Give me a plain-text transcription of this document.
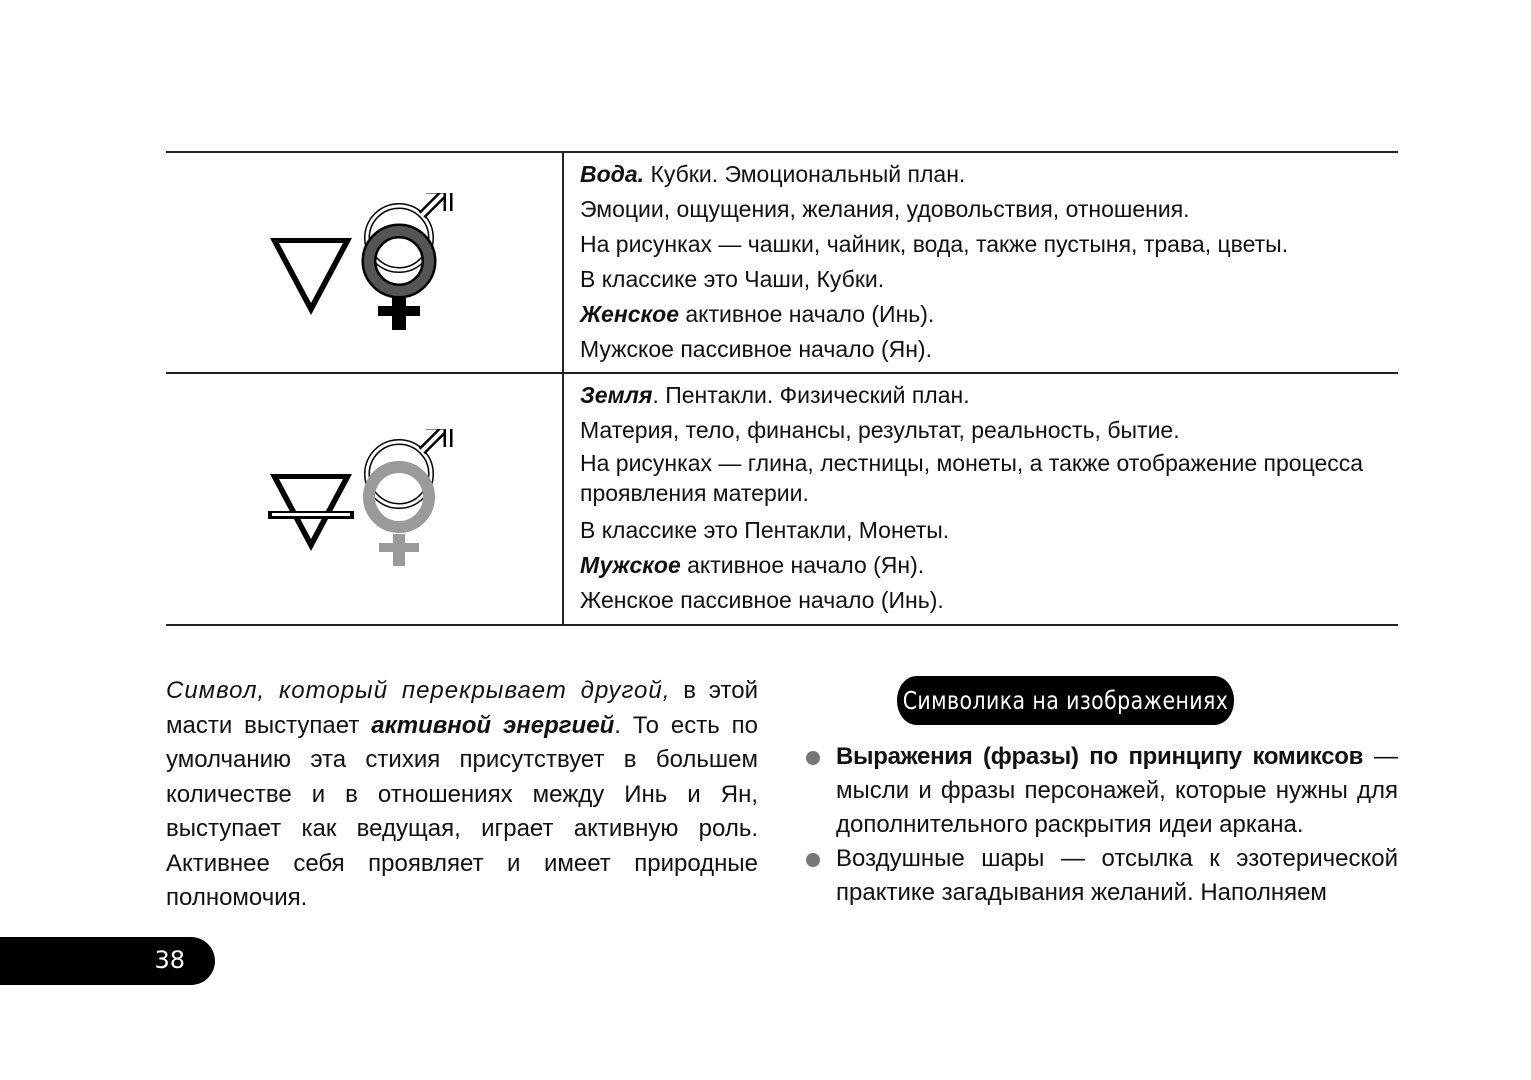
Вода. Кубки. Эмоциональный план.

Эмоции, ощущения, желания, удовольствия, отношения.

На рисунках — чашки, чайник, вода, также пустыня, трава, цветы.

В классике это Чаши, Кубки.

Женское активное начало (Инь).

Мужское пассивное начало (Ян).

Земля. Пентакли. Физический план.

Материя, тело, финансы, результат, реальность, бытие.

На рисунках — глина, лестницы, монеты, а также отображение процесса проявления материи.

В классике это Пентакли, Монеты.

Мужское активное начало (Ян).

Женское пассивное начало (Инь).

Символ, который перекрывает другой, в этой масти выступает активной энергией. То есть по умолчанию эта стихия присутствует в большем количестве и в отношениях между Инь и Ян, выступает как ведущая, играет активную роль. Активнее себя проявляет и имеет природные полномочия.
Символика на изображениях
Выражения (фразы) по принципу комиксов — мысли и фразы персонажей, которые нужны для дополнительного раскрытия идеи аркана.
Воздушные шары — отсылка к эзотерической практике загадывания желаний. Наполняем
38
